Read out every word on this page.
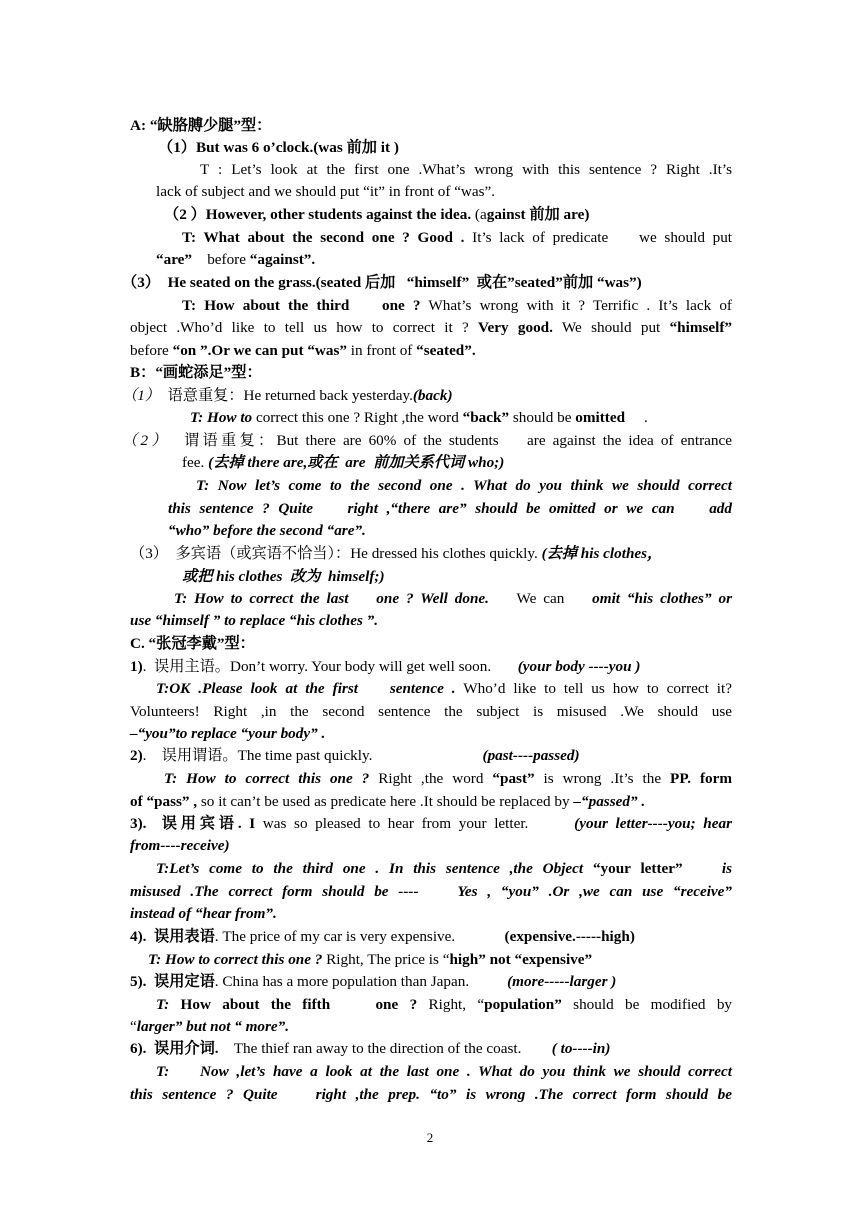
A: “缺胳膊少腿”型：
（1）But was 6 o’clock.(was 前加 it )
T : Let’s look at the first one .What’s wrong with this sentence ? Right .It’s
lack of subject and we should put “it” in front of “was”.
（2 ）However, other students against the idea. (against 前加 are)
T: What about the second one ? Good . It’s lack of predicate    we should put
“are”    before “against”.
（3）  He seated on the grass.(seated 后加   “himself”  或在”seated”前加 “was”)
T: How about the third    one ? What’s wrong with it ? Terrific . It’s lack of
object .Who’d like to tell us how to correct it ? Very good. We should put “himself”
before “on ”.Or we can put “was” in front of “seated”.
B：“画蛇添足”型：
（1）  语意重复：He returned back yesterday.(back)
T: How to correct this one ? Right ,the word “back” should be omitted     .
（2）  谓语重复：But there are 60% of the students    are against the idea of entrance
fee. (去掉 there are,或在  are  前加关系代词 who;)
T: Now let’s come to the second one . What do you think we should correct
this sentence ? Quite    right ,“there are” should be omitted or we can    add
“who” before the second “are”.
（3）  多宾语（或宾语不恰当）：He dressed his clothes quickly. (去掉 his clothes，
或把 his clothes  改为  himself;)
T: How to correct the last    one ? Well done.    We can    omit “his clothes” or
use “himself ” to replace “his clothes ”.
C. “张冠李戴”型：
1).  误用主语。Don’t worry. Your body will get well soon.       (your body ----you )
T:OK .Please look at the first    sentence . Who’d like to tell us how to correct it?
Volunteers! Right ,in the second sentence the subject is misused .We should use
–“you”to replace “your body” .
2).    误用谓语。The time past quickly.                             (past----passed)
T: How to correct this one ? Right ,the word “past” is wrong .It’s the PP. form
of “pass” , so it can’t be used as predicate here .It should be replaced by –“passed” .
3).  误用宾语. I was so pleased to hear from your letter.      (your letter----you; hear
from----receive)
T:Let’s come to the third one . In this sentence ,the Object “your letter”    is
misused .The correct form should be ----    Yes , “you” .Or ,we can use “receive”
instead of “hear from”.
4).  误用表语. The price of my car is very expensive.             (expensive.-----high)
T: How to correct this one ? Right, The price is “high” not “expensive”
5).  误用定语. China has a more population than Japan.          (more-----larger )
T: How about the fifth    one ? Right, “population” should be modified by
“larger” but not “ more”.
6).  误用介词.    The thief ran away to the direction of the coast.        ( to----in)
T:    Now ,let’s have a look at the last one . What do you think we should correct
this sentence ? Quite    right ,the prep. “to” is wrong .The correct form should be
2
